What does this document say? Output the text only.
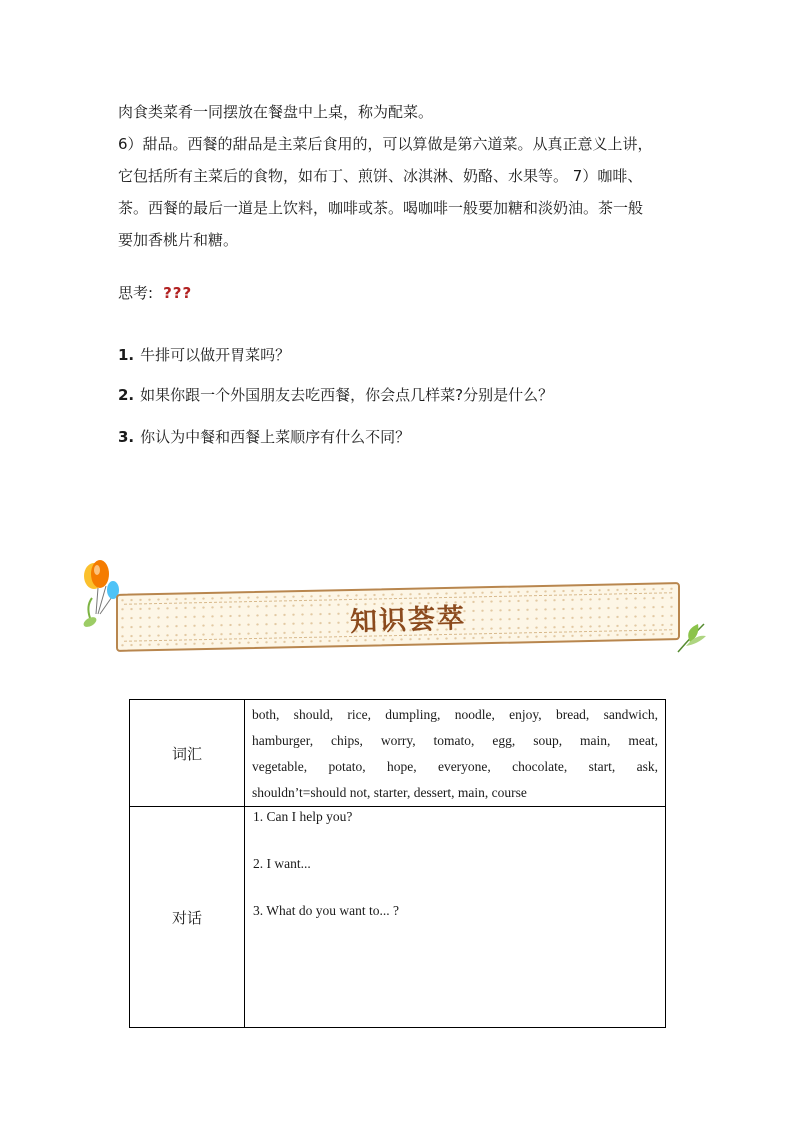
肉食类菜肴一同摆放在餐盘中上桌，称为配菜。
6）甜品。西餐的甜品是主菜后食用的，可以算做是第六道菜。从真正意义上讲，
它包括所有主菜后的食物，如布丁、煎饼、冰淇淋、奶酪、水果等。 7）咖啡、
茶。西餐的最后一道是上饮料，咖啡或茶。喝咖啡一般要加糖和淡奶油。茶一般
要加香桃片和糖。
思考: ???
1. 牛排可以做开胃菜吗？
2. 如果你跟一个外国朋友去吃西餐，你会点几样菜?分别是什么？
3. 你认为中餐和西餐上菜顺序有什么不同？
知识荟萃
词汇	both, should, rice, dumpling, noodle, enjoy, bread, sandwich,
hamburger, chips, worry, tomato, egg, soup, main, meat,
vegetable, potato, hope, everyone, chocolate, start, ask,
shouldn’t=should not, starter, dessert, main, course

对话	1. Can I help you?
2. I want...
3. What do you want to... ?
